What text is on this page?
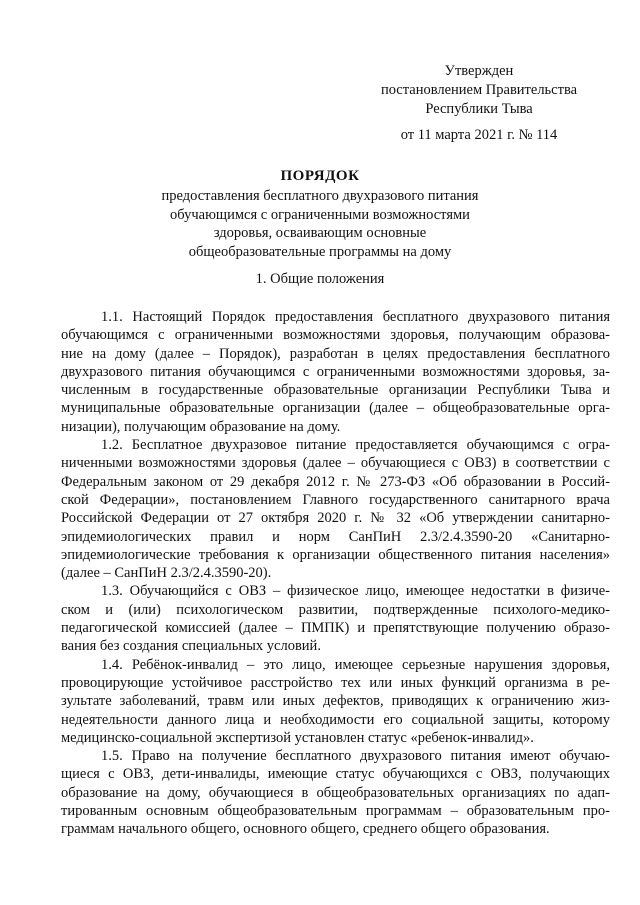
Утвержден
постановлением Правительства
Республики Тыва
от 11 марта 2021 г. № 114
ПОРЯДОК
предоставления бесплатного двухразового питания
обучающимся с ограниченными возможностями
здоровья, осваивающим основные
общеобразовательные программы на дому
1. Общие положения
1.1. Настоящий Порядок предоставления бесплатного двухразового питания
обучающимся с ограниченными возможностями здоровья, получающим образова-
ние на дому (далее – Порядок), разработан в целях предоставления бесплатного
двухразового питания обучающимся с ограниченными возможностями здоровья, за-
численным в государственные образовательные организации Республики Тыва и
муниципальные образовательные организации (далее – общеобразовательные орга-
низации), получающим образование на дому.
1.2. Бесплатное двухразовое питание предоставляется обучающимся с огра-
ниченными возможностями здоровья (далее – обучающиеся с ОВЗ) в соответствии с
Федеральным законом от 29 декабря 2012 г. № 273-ФЗ «Об образовании в Россий-
ской Федерации», постановлением Главного государственного санитарного врача
Российской Федерации от 27 октября 2020 г. № 32 «Об утверждении санитарно-
эпидемиологических правил и норм СанПиН 2.3/2.4.3590-20 «Санитарно-
эпидемиологические требования к организации общественного питания населения»
(далее – СанПиН 2.3/2.4.3590-20).
1.3. Обучающийся с ОВЗ – физическое лицо, имеющее недостатки в физиче-
ском и (или) психологическом развитии, подтвержденные психолого-медико-
педагогической комиссией (далее – ПМПК) и препятствующие получению образо-
вания без создания специальных условий.
1.4. Ребёнок-инвалид – это лицо, имеющее серьезные нарушения здоровья,
провоцирующие устойчивое расстройство тех или иных функций организма в ре-
зультате заболеваний, травм или иных дефектов, приводящих к ограничению жиз-
недеятельности данного лица и необходимости его социальной защиты, которому
медицинско-социальной экспертизой установлен статус «ребенок-инвалид».
1.5. Право на получение бесплатного двухразового питания имеют обучаю-
щиеся с ОВЗ, дети-инвалиды, имеющие статус обучающихся с ОВЗ, получающих
образование на дому, обучающиеся в общеобразовательных организациях по адап-
тированным основным общеобразовательным программам – образовательным про-
граммам начального общего, основного общего, среднего общего образования.
